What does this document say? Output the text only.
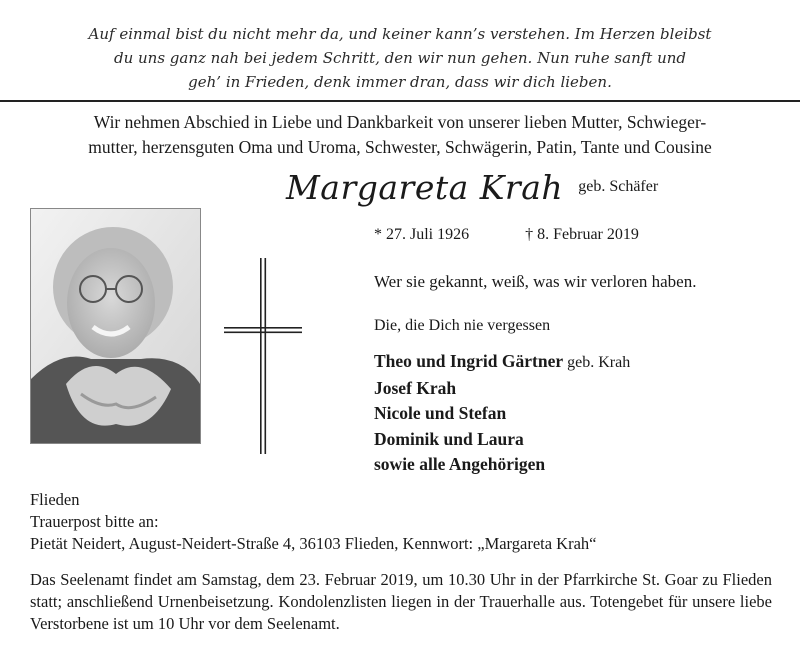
Auf einmal bist du nicht mehr da, und keiner kann’s verstehen. Im Herzen bleibst
du uns ganz nah bei jedem Schritt, den wir nun gehen. Nun ruhe sanft und
geh’ in Frieden, denk immer dran, dass wir dich lieben.
Wir nehmen Abschied in Liebe und Dankbarkeit von unserer lieben Mutter, Schwieger-
mutter, herzensguten Oma und Uroma, Schwester, Schwägerin, Patin, Tante und Cousine
Margareta Krah geb. Schäfer
* 27. Juli 1926	† 8. Februar 2019
Wer sie gekannt, weiß, was wir verloren haben.
Die, die Dich nie vergessen
Theo und Ingrid Gärtner geb. Krah
Josef Krah
Nicole und Stefan
Dominik und Laura
sowie alle Angehörigen
Flieden
Trauerpost bitte an:
Pietät Neidert, August-Neidert-Straße 4, 36103 Flieden, Kennwort: „Margareta Krah“

Das Seelenamt findet am Samstag, dem 23. Februar 2019, um 10.30 Uhr in der Pfarrkirche St. Goar zu Flieden statt; anschließend Urnenbeisetzung. Kondolenzlisten liegen in der Trauerhalle aus. Totengebet für unsere liebe Verstorbene ist um 10 Uhr vor dem Seelenamt.
